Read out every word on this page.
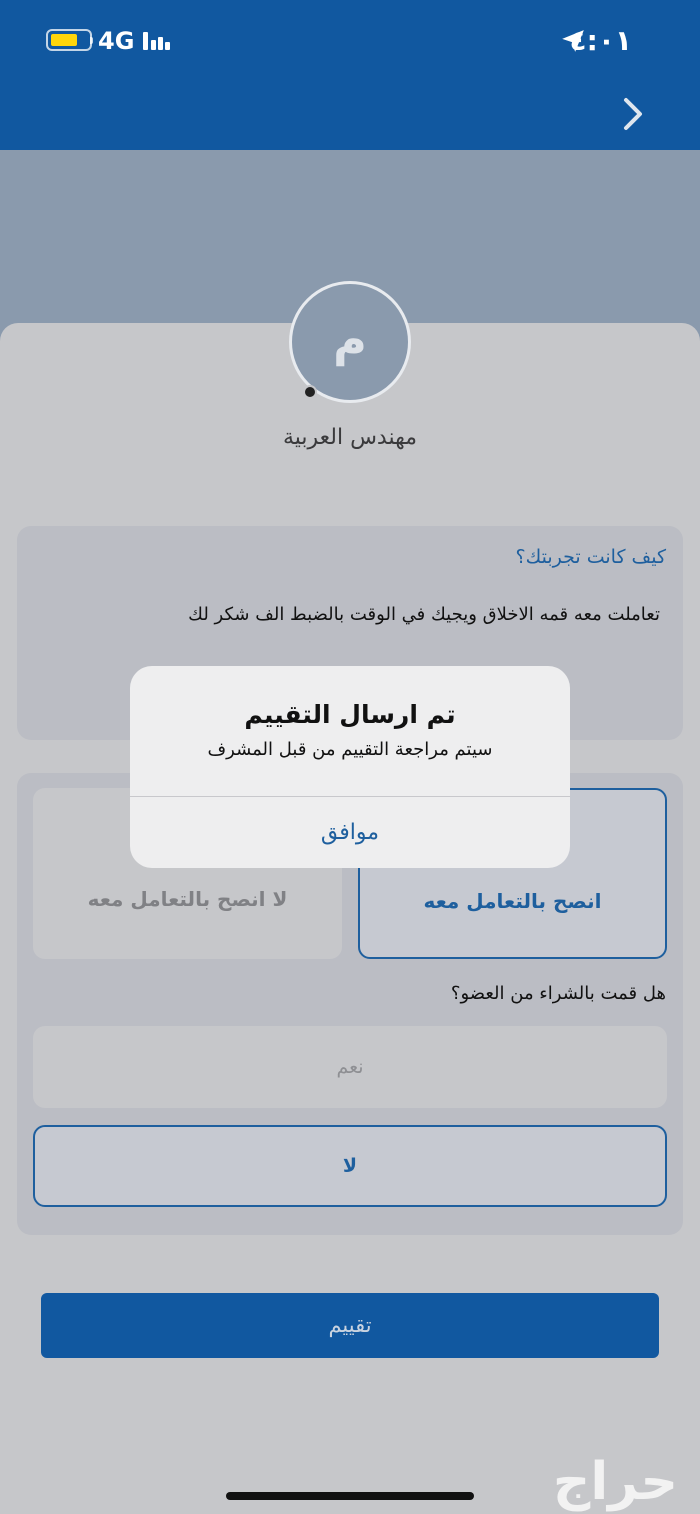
4G	٤:٠١
م
مهندس العربية
كيف كانت تجربتك؟
تعاملت معه قمه الاخلاق ويجيك في الوقت بالضبط الف شكر لك
انصح بالتعامل معه
لا انصح بالتعامل معه
هل قمت بالشراء من العضو؟
نعم
لا
تقييم
حراج
تم ارسال التقييم
سيتم مراجعة التقييم من قبل المشرف
موافق
